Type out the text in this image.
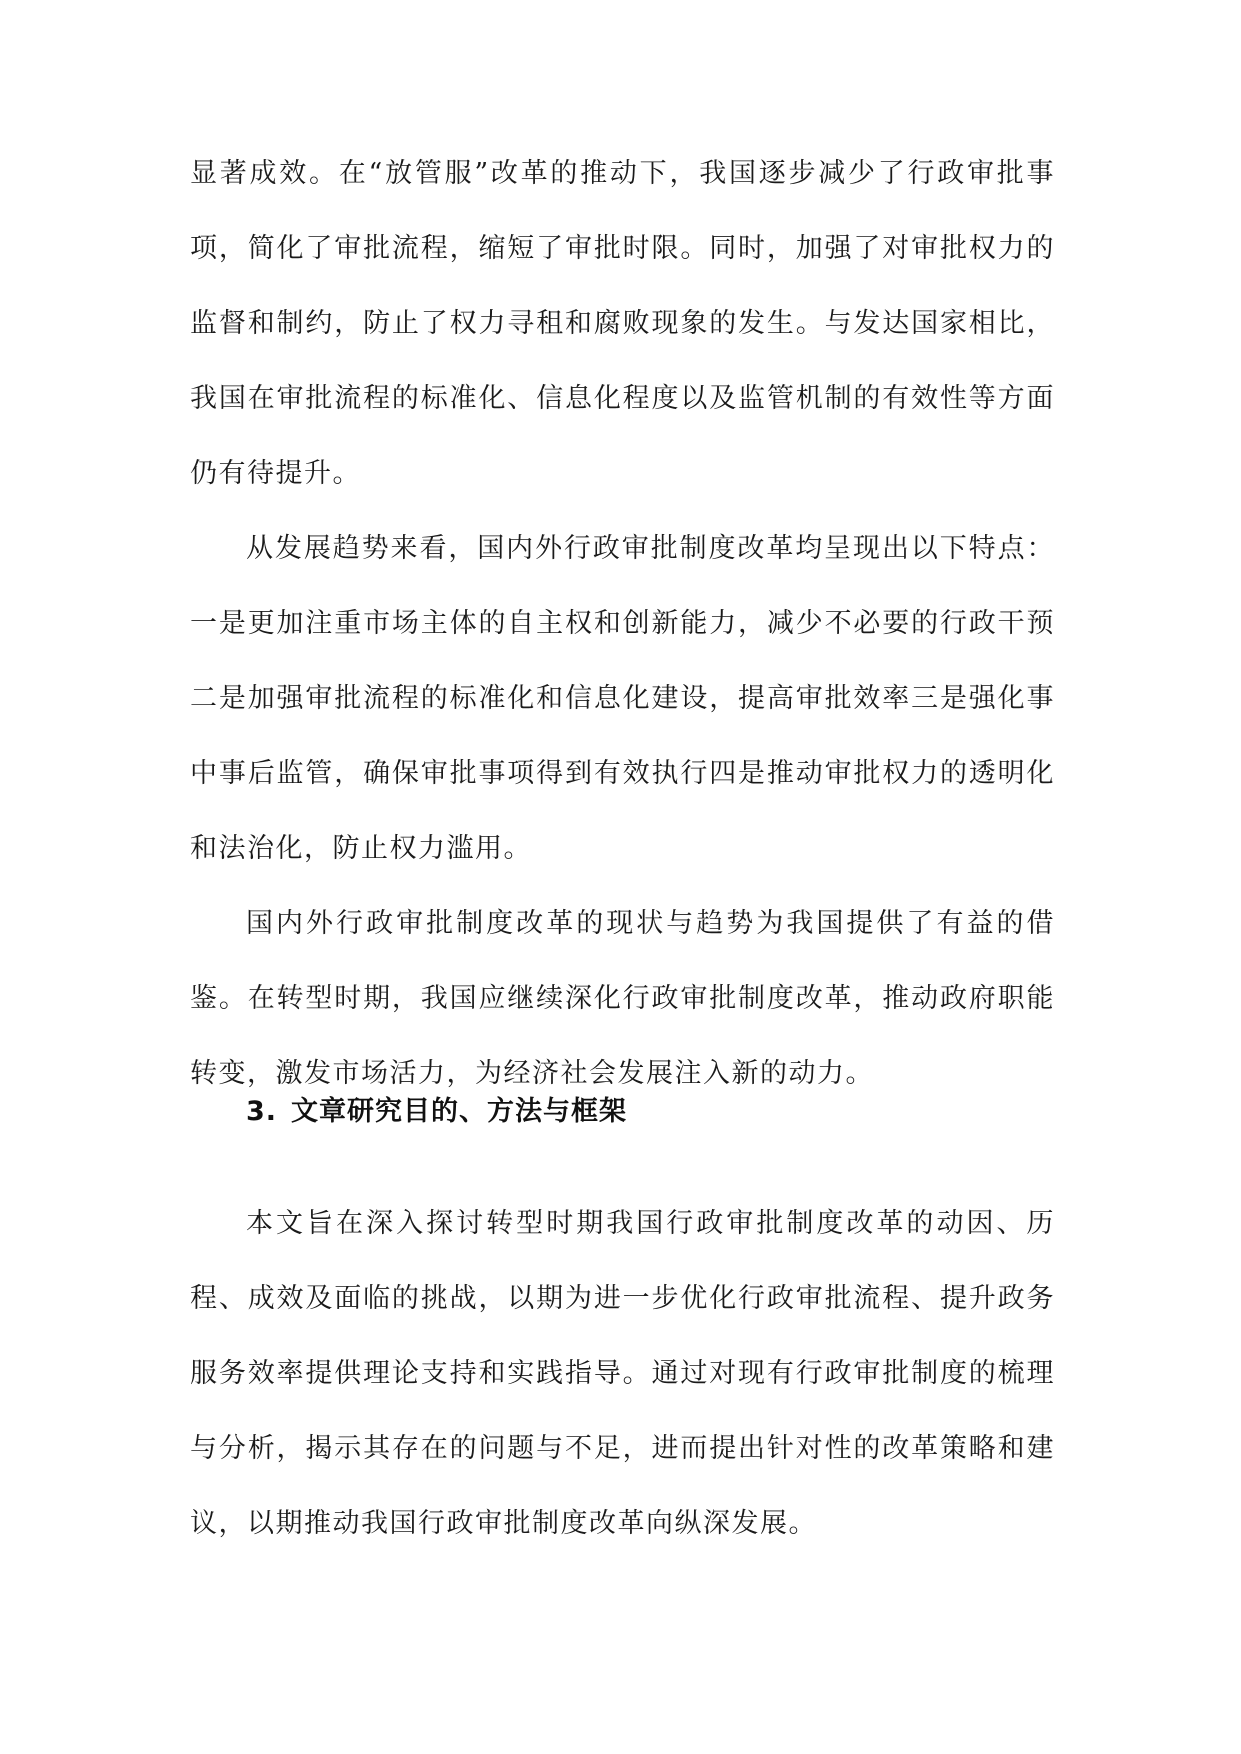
显著成效。在“放管服”改革的推动下，我国逐步减少了行政审批事项，简化了审批流程，缩短了审批时限。同时，加强了对审批权力的监督和制约，防止了权力寻租和腐败现象的发生。与发达国家相比，我国在审批流程的标准化、信息化程度以及监管机制的有效性等方面仍有待提升。

从发展趋势来看，国内外行政审批制度改革均呈现出以下特点：一是更加注重市场主体的自主权和创新能力，减少不必要的行政干预二是加强审批流程的标准化和信息化建设，提高审批效率三是强化事中事后监管，确保审批事项得到有效执行四是推动审批权力的透明化和法治化，防止权力滥用。

国内外行政审批制度改革的现状与趋势为我国提供了有益的借鉴。在转型时期，我国应继续深化行政审批制度改革，推动政府职能转变，激发市场活力，为经济社会发展注入新的动力。

3. 文章研究目的、方法与框架

本文旨在深入探讨转型时期我国行政审批制度改革的动因、历程、成效及面临的挑战，以期为进一步优化行政审批流程、提升政务服务效率提供理论支持和实践指导。通过对现有行政审批制度的梳理与分析，揭示其存在的问题与不足，进而提出针对性的改革策略和建议，以期推动我国行政审批制度改革向纵深发展。
